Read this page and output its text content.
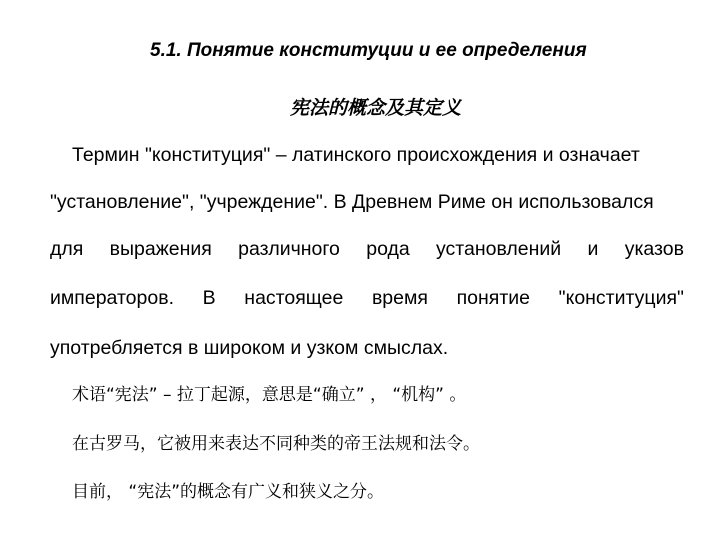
5.1. Понятие конституции и ее определения
宪法的概念及其定义
Термин "конституция" – латинского происхождения и означает
"установление", "учреждение". В Древнем Риме он использовался
для выражения различного рода установлений и указов
императоров. В настоящее время понятие "конституция"
употребляется в широком и узком смыслах.
术语“宪法” – 拉丁起源，意思是“确立” ， “机构” 。
在古罗马，它被用来表达不同种类的帝王法规和法令。
目前， “宪法”的概念有广义和狭义之分。
